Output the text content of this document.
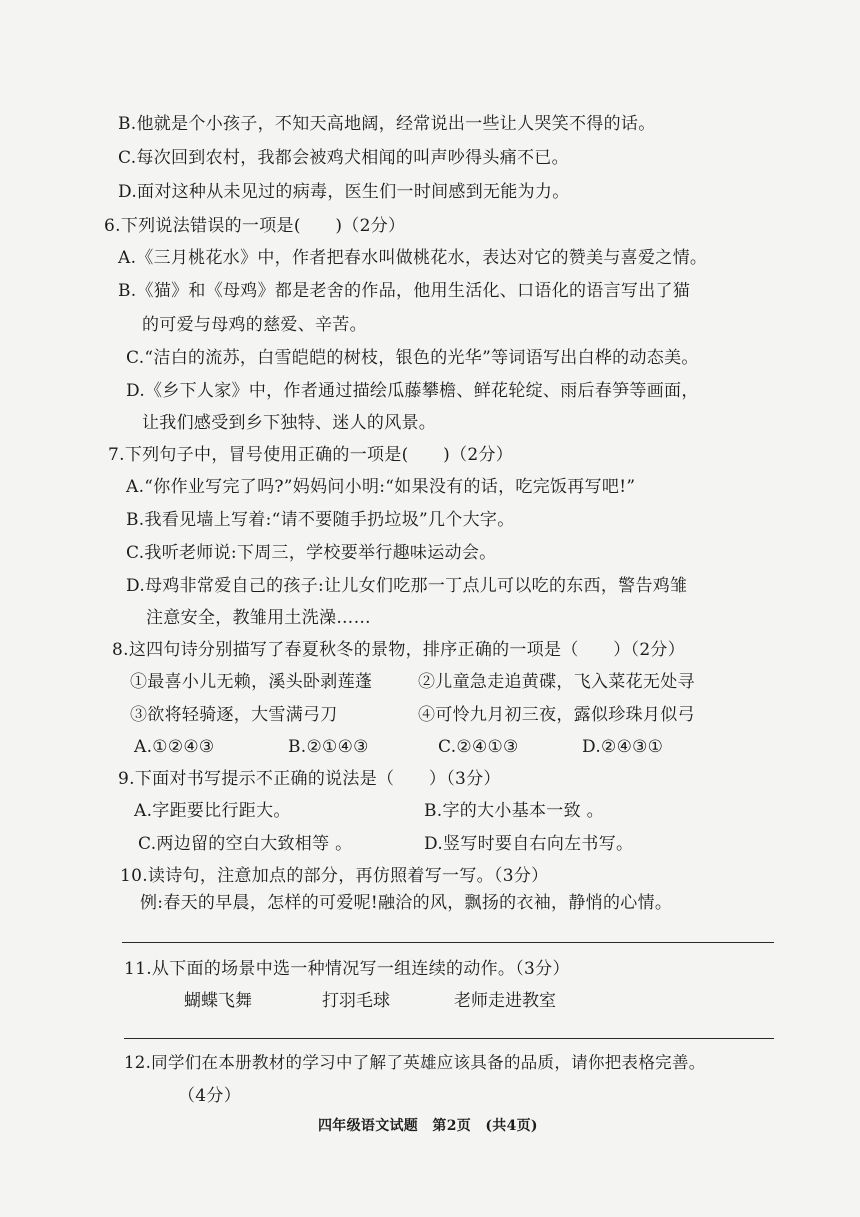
B.他就是个小孩子，不知天高地阔，经常说出一些让人哭笑不得的话。
C.每次回到农村，我都会被鸡犬相闻的叫声吵得头痛不已。
D.面对这种从未见过的病毒，医生们一时间感到无能为力。
6.下列说法错误的一项是(　　)（2分）
A.《三月桃花水》中，作者把春水叫做桃花水，表达对它的赞美与喜爱之情。
B.《猫》和《母鸡》都是老舍的作品，他用生活化、口语化的语言写出了猫
的可爱与母鸡的慈爱、辛苦。
C.“洁白的流苏，白雪皑皑的树枝，银色的光华”等词语写出白桦的动态美。
D.《乡下人家》中，作者通过描绘瓜藤攀檐、鲜花轮绽、雨后春笋等画面，
让我们感受到乡下独特、迷人的风景。
7.下列句子中，冒号使用正确的一项是(　　)（2分）
A.“你作业写完了吗?”妈妈问小明:“如果没有的话，吃完饭再写吧!”
B.我看见墙上写着:“请不要随手扔垃圾”几个大字。
C.我听老师说:下周三，学校要举行趣味运动会。
D.母鸡非常爱自己的孩子:让儿女们吃那一丁点儿可以吃的东西，警告鸡雏
注意安全，教雏用土洗澡……
8.这四句诗分别描写了春夏秋冬的景物，排序正确的一项是（　　）（2分）
①最喜小儿无赖，溪头卧剥莲蓬	②儿童急走追黄碟，飞入菜花无处寻
③欲将轻骑逐，大雪满弓刀	④可怜九月初三夜，露似珍珠月似弓
A.①②④③	B.②①④③	C.②④①③	D.②④③①
9.下面对书写提示不正确的说法是（　　）（3分）
A.字距要比行距大。	B.字的大小基本一致 。
C.两边留的空白大致相等 。	D.竖写时要自右向左书写。
10.读诗句，注意加点的部分，再仿照着写一写。（3分）
例:春天的早晨，怎样的可爱呢!融洽的风，飘扬的衣袖，静悄的心情。
11.从下面的场景中选一种情况写一组连续的动作。（3分）
蝴蝶飞舞	打羽毛球	老师走进教室
12.同学们在本册教材的学习中了解了英雄应该具备的品质，请你把表格完善。
（4分）
四年级语文试题　第2页　(共4页)
